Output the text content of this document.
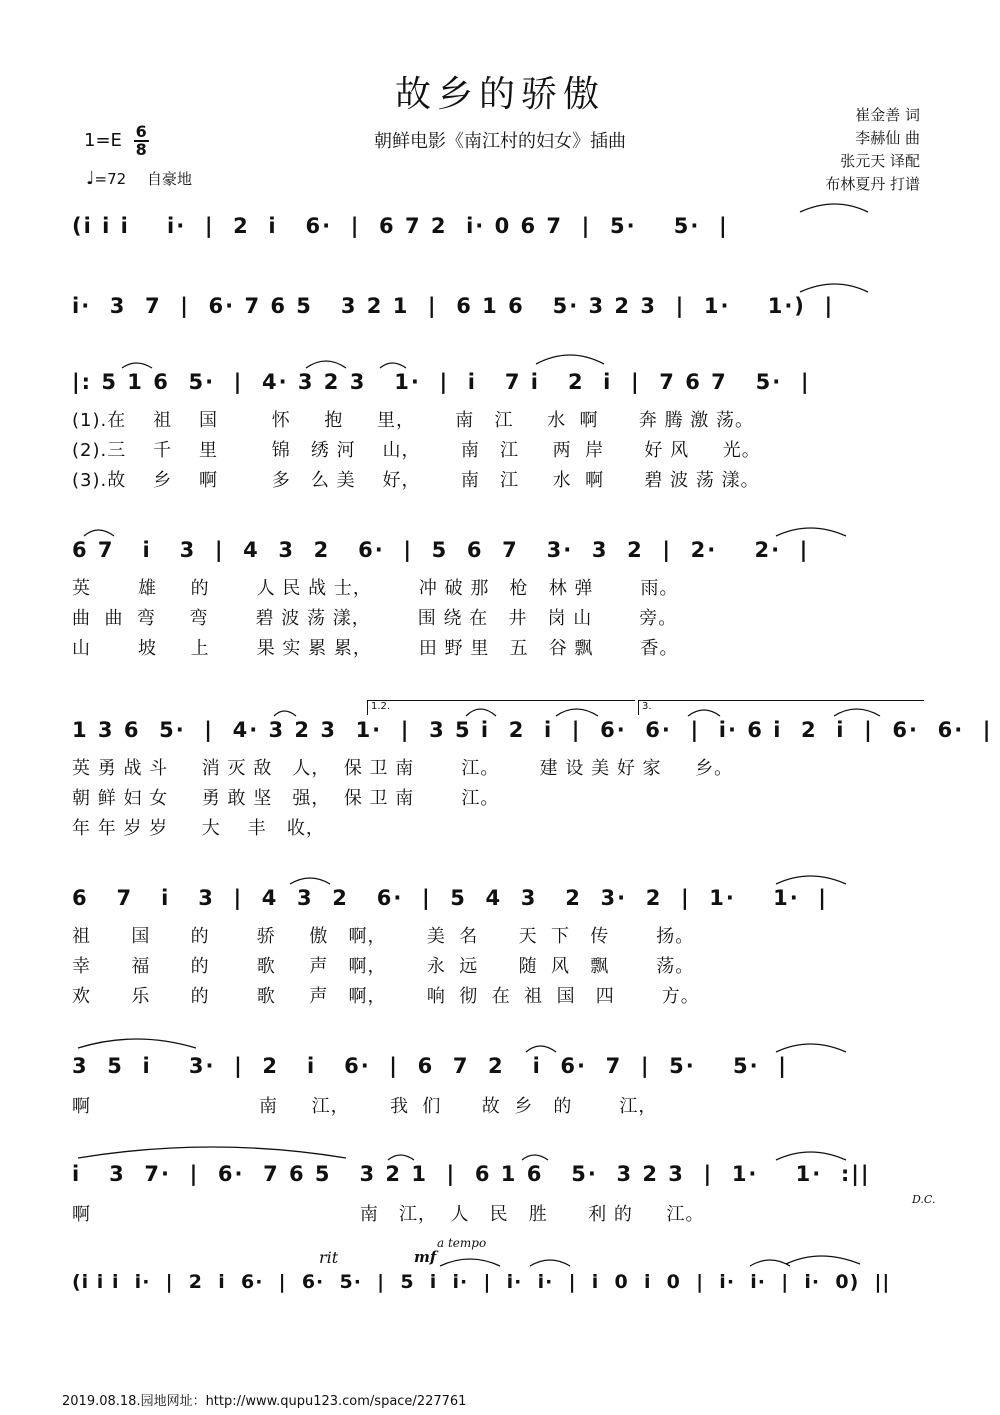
故乡的骄傲
朝鲜电影《南江村的妇女》插曲
崔金善 词
李赫仙 曲
张元天 译配
布林夏丹 打谱
$1=E \frac{6}{8}$
♩=72 自豪地
(i i i    i·  |  2  i   6·  |  6 7 2  i· 0 6 7  |  5·    5·  |
i·  3  7  |  6· 7 6 5   3 2 1  |  6 1 6   5· 3 2 3  |  1·    1·)  |
|: 5 1 6  5·  |  4· 3 2 3   1·  |  i   7 i   2  i  |  7 6 7   5·  |
(1).在    祖    国        怀     抱     里，      南   江     水  啊      奔 腾 激 荡。
(2).三    千    里        锦   绣 河    山，      南   江     两  岸      好 风     光。
(3).故    乡    啊        多   么 美    好，      南   江     水  啊      碧 波 荡 漾。
6 7   i   3  |  4  3  2   6·  |  5  6  7   3·  3  2  |  2·    2·  |
英       雄     的       人 民 战 士，       冲 破 那   枪   林 弹       雨。
曲  曲  弯     弯       碧 波 荡 漾，       围 绕 在   井   岗 山       旁。
山       坡     上       果 实 累 累，       田 野 里   五   谷 飘       香。
1.2.	3.
1 3 6  5·  |  4· 3 2 3  1·  |  3 5 i  2  i  |  6·  6·  |  i· 6 i  2  i  |  6·  6·  |
英 勇 战 斗     消 灭 敌   人，  保 卫 南       江。      建 设 美 好 家     乡。
朝 鲜 妇 女     勇 敢 坚   强，  保 卫 南       江。
年 年 岁 岁     大    丰   收，
6   7   i   3  |  4  3  2   6·  |  5  4  3   2  3·  2  |  1·    1·  |
祖      国      的       骄     傲   啊，      美  名      天  下   传       扬。
幸      福      的       歌     声   啊，      永  远      随  风   飘       荡。
欢      乐      的       歌     声   啊，      响  彻  在  祖  国   四       方。
3  5  i    3·  |  2   i   6·  |  6  7  2   i  6·  7  |  5·    5·  |
啊                         南     江，      我  们      故  乡   的       江，
i   3  7·  |  6·  7 6 5   3 2 1  |  6 1 6   5·  3 2 3  |  1·    1·  :||
啊                                        南   江，  人   民   胜      利 的     江。
D.C.
rit	mf
a tempo
(i i i  i·  |  2  i  6·  |  6·  5·  |  5  i  i·  |  i·  i·  |  i  0  i  0  |  i·  i·  |  i·  0)  ||
2019.08.18.园地网址：http://www.qupu123.com/space/227761
